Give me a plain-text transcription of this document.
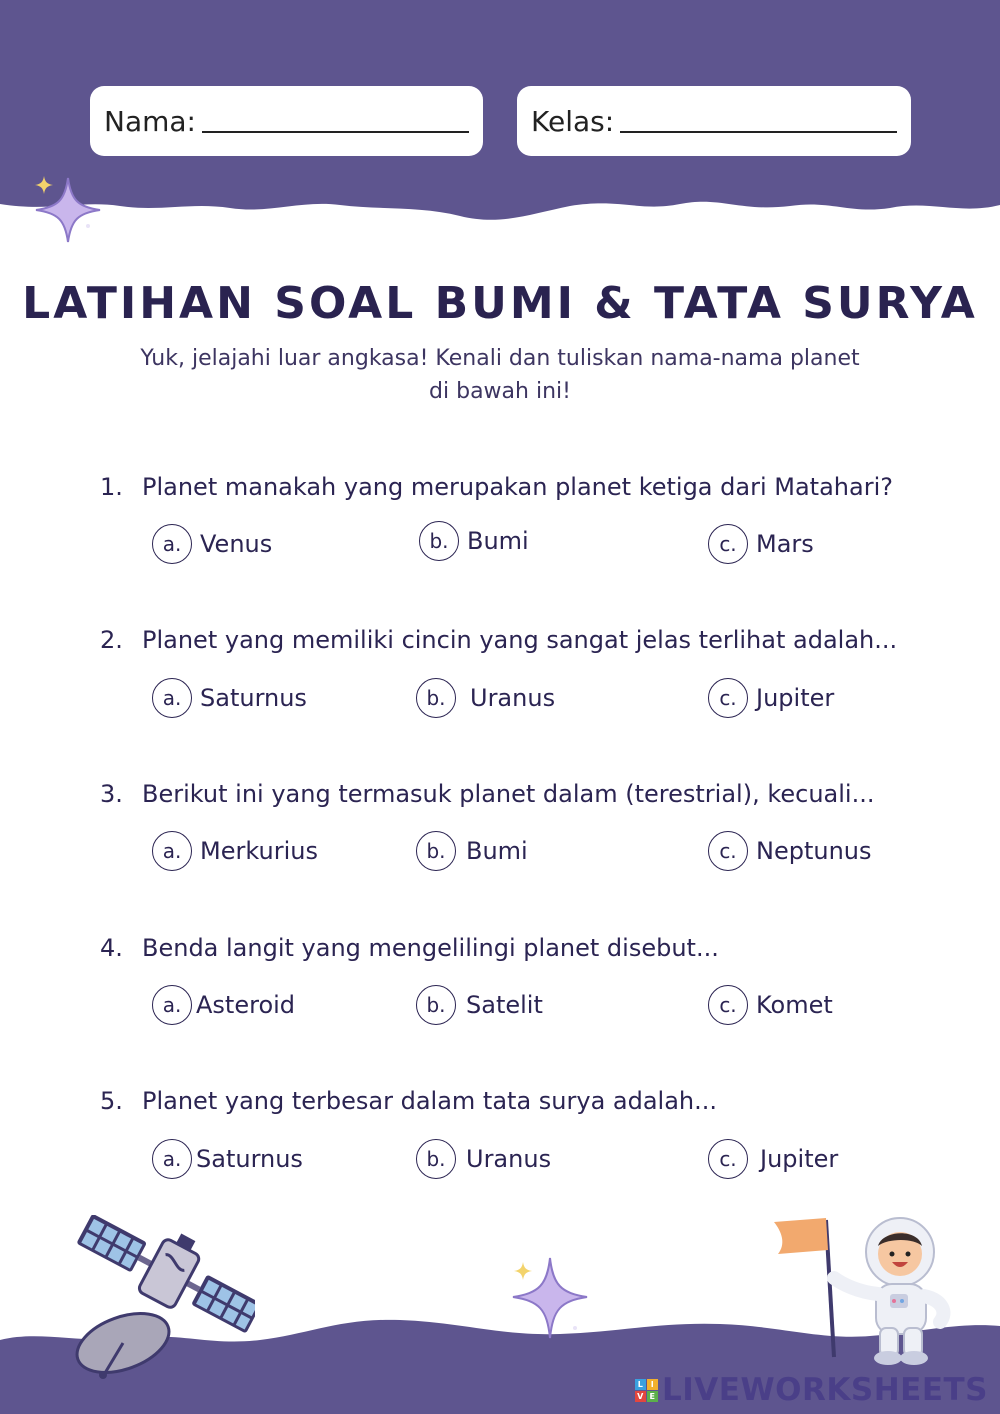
Nama:	Kelas:
LATIHAN SOAL BUMI & TATA SURYA
Yuk, jelajahi luar angkasa! Kenali dan tuliskan nama-nama planet
di bawah ini!
1. Planet manakah yang merupakan planet ketiga dari Matahari?
a. Venus	b. Bumi	c. Mars
2. Planet yang memiliki cincin yang sangat jelas terlihat adalah...
a. Saturnus	b.	Uranus	c. Jupiter
3. Berikut ini yang termasuk planet dalam (terestrial), kecuali...
a. Merkurius	b. Bumi	c. Neptunus
4. Benda langit yang mengelilingi planet disebut...
a. Asteroid	b. Satelit	c. Komet
5. Planet yang terbesar dalam tata surya adalah...
a. Saturnus	b. Uranus	c. Jupiter
L I
V E LIVEWORKSHEETS
